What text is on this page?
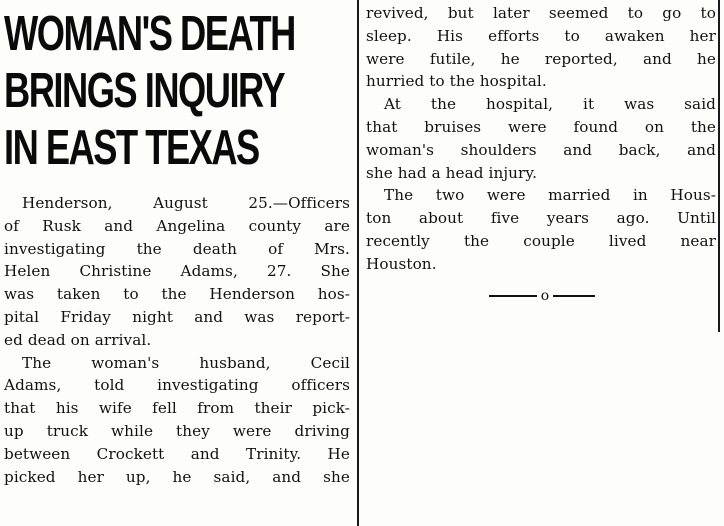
WOMAN'S DEATH
BRINGS INQUIRY
IN EAST TEXAS
Henderson, August 25.—Officers
of Rusk and Angelina county are
investigating the death of Mrs.
Helen Christine Adams, 27. She
was taken to the Henderson hos-
pital Friday night and was report-
ed dead on arrival.
The woman's husband, Cecil
Adams, told investigating officers
that his wife fell from their pick-
up truck while they were driving
between Crockett and Trinity. He
picked her up, he said, and she
revived, but later seemed to go to
sleep. His efforts to awaken her
were futile, he reported, and he
hurried to the hospital.
At the hospital, it was said
that bruises were found on the
woman's shoulders and back, and
she had a head injury.
The two were married in Hous-
ton about five years ago. Until
recently the couple lived near
Houston.
o
